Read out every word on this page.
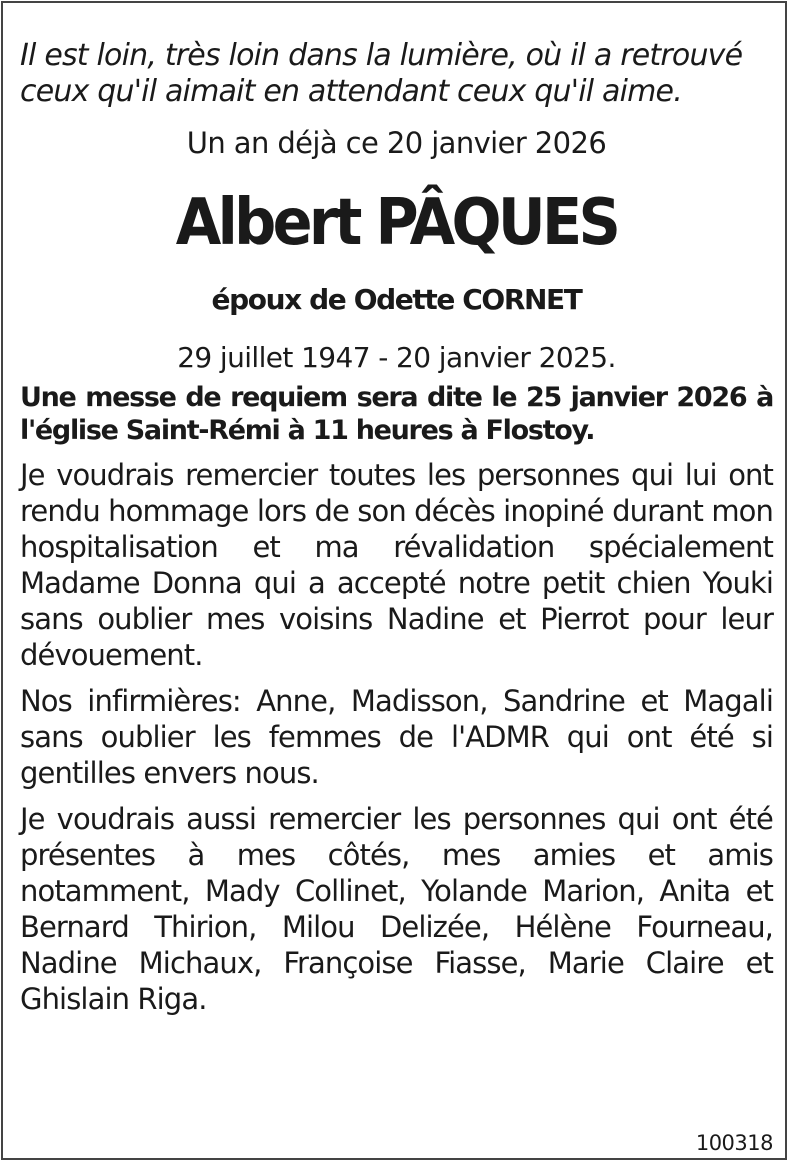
Il est loin, très loin dans la lumière, où il a retrouvé ceux qu'il aimait en attendant ceux qu'il aime.

Un an déjà ce 20 janvier 2026
Albert PÂQUES
époux de Odette CORNET
29 juillet 1947 - 20 janvier 2025.
Une messe de requiem sera dite le 25 janvier 2026 à l'église Saint-Rémi à 11 heures à Flostoy.
Je voudrais remercier toutes les personnes qui lui ont rendu hommage lors de son décès inopiné durant mon hospitalisation et ma révalidation spécialement Madame Donna qui a accepté notre petit chien Youki sans oublier mes voisins Nadine et Pierrot pour leur dévouement.
Nos infirmières: Anne, Madisson, Sandrine et Magali sans oublier les femmes de l'ADMR qui ont été si gentilles envers nous.
Je voudrais aussi remercier les personnes qui ont été présentes à mes côtés, mes amies et amis notamment, Mady Collinet, Yolande Marion, Anita et Bernard Thirion, Milou Delizée, Hélène Fourneau, Nadine Michaux, Françoise Fiasse, Marie Claire et Ghislain Riga.
100318
